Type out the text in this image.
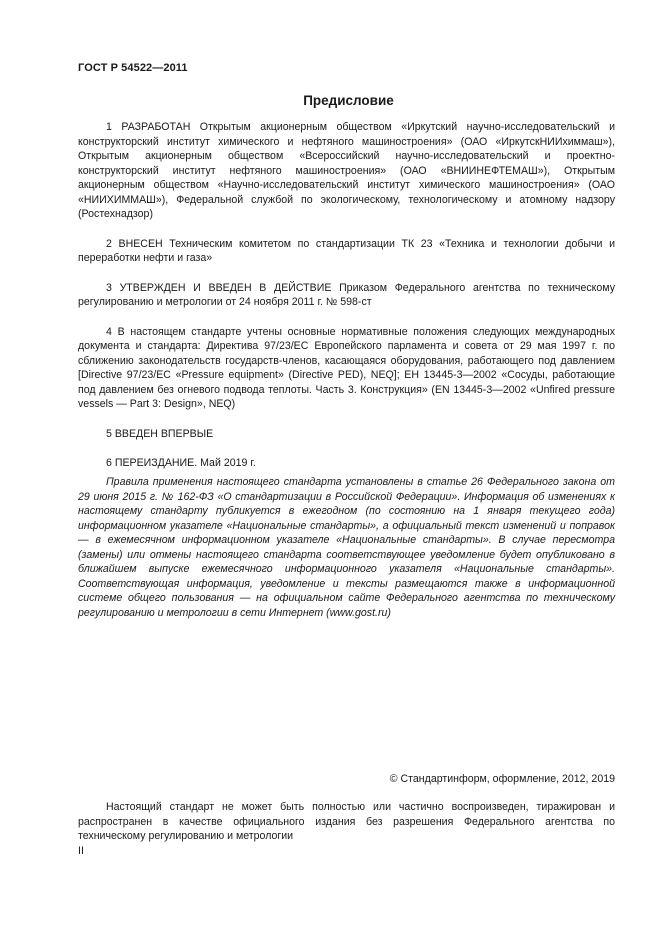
ГОСТ Р 54522—2011
Предисловие

1 РАЗРАБОТАН Открытым акционерным обществом «Иркутский научно-исследовательский и конструкторский институт химического и нефтяного машиностроения» (ОАО «ИркутскНИИхиммаш»), Открытым акционерным обществом «Всероссийский научно-исследовательский и проектно-конструкторский институт нефтяного машиностроения» (ОАО «ВНИИНЕФТЕМАШ»), Открытым акционерным обществом «Научно-исследовательский институт химического машиностроения» (ОАО «НИИХИММАШ»), Федеральной службой по экологическому, технологическому и атомному надзору (Ростехнадзор)

2 ВНЕСЕН Техническим комитетом по стандартизации ТК 23 «Техника и технологии добычи и переработки нефти и газа»

3 УТВЕРЖДЕН И ВВЕДЕН В ДЕЙСТВИЕ Приказом Федерального агентства по техническому регулированию и метрологии от 24 ноября 2011 г. № 598-ст

4 В настоящем стандарте учтены основные нормативные положения следующих международных документа и стандарта: Директива 97/23/ЕС Европейского парламента и совета от 29 мая 1997 г. по сближению законодательств государств-членов, касающаяся оборудования, работающего под давлением [Directive 97/23/EC «Pressure equipment» (Directive PED), NEQ]; ЕН 13445-3—2002 «Сосуды, работающие под давлением без огневого подвода теплоты. Часть 3. Конструкция» (EN 13445-3—2002 «Unfired pressure vessels — Part 3: Design», NEQ)

5 ВВЕДЕН ВПЕРВЫЕ

6 ПЕРЕИЗДАНИЕ. Май 2019 г.

Правила применения настоящего стандарта установлены в статье 26 Федерального закона от 29 июня 2015 г. № 162-ФЗ «О стандартизации в Российской Федерации». Информация об изменениях к настоящему стандарту публикуется в ежегодном (по состоянию на 1 января текущего года) информационном указателе «Национальные стандарты», а официальный текст изменений и поправок — в ежемесячном информационном указателе «Национальные стандарты». В случае пересмотра (замены) или отмены настоящего стандарта соответствующее уведомление будет опубликовано в ближайшем выпуске ежемесячного информационного указателя «Национальные стандарты». Соответствующая информация, уведомление и тексты размещаются также в информационной системе общего пользования — на официальном сайте Федерального агентства по техническому регулированию и метрологии в сети Интернет (www.gost.ru)

© Стандартинформ, оформление, 2012, 2019

Настоящий стандарт не может быть полностью или частично воспроизведен, тиражирован и распространен в качестве официального издания без разрешения Федерального агентства по техническому регулированию и метрологии

II
